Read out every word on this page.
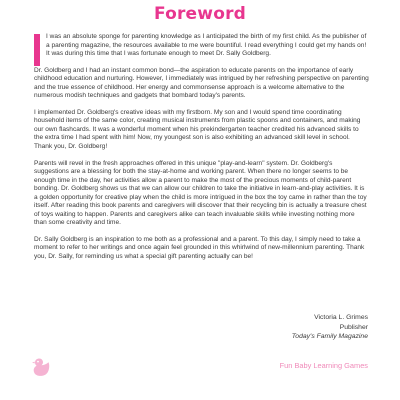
Foreword

I was an absolute sponge for parenting knowledge as I anticipated the birth of my first child. As the publisher of a parenting magazine, the resources available to me were bountiful. I read everything I could get my hands on! It was during this time that I was fortunate enough to meet Dr. Sally Goldberg.

Dr. Goldberg and I had an instant common bond—the aspiration to educate parents on the importance of early childhood education and nurturing. However, I immediately was intrigued by her refreshing perspective on parenting and the true essence of childhood. Her energy and commonsense approach is a welcome alternative to the numerous modish techniques and gadgets that bombard today's parents.

I implemented Dr. Goldberg's creative ideas with my firstborn. My son and I would spend time coordinating household items of the same color, creating musical instruments from plastic spoons and containers, and making our own flashcards. It was a wonderful moment when his prekindergarten teacher credited his advanced skills to the extra time I had spent with him! Now, my youngest son is also exhibiting an advanced skill level in school. Thank you, Dr. Goldberg!

Parents will revel in the fresh approaches offered in this unique "play-and-learn" system. Dr. Goldberg's suggestions are a blessing for both the stay-at-home and working parent. When there no longer seems to be enough time in the day, her activities allow a parent to make the most of the precious moments of child-parent bonding. Dr. Goldberg shows us that we can allow our children to take the initiative in learn-and-play activities. It is a golden opportunity for creative play when the child is more intrigued in the box the toy came in rather than the toy itself. After reading this book parents and caregivers will discover that their recycling bin is actually a treasure chest of toys waiting to happen. Parents and caregivers alike can teach invaluable skills while investing nothing more than some creativity and time.

Dr. Sally Goldberg is an inspiration to me both as a professional and a parent. To this day, I simply need to take a moment to refer to her writings and once again feel grounded in this whirlwind of new-millennium parenting. Thank you, Dr. Sally, for reminding us what a special gift parenting actually can be!

Victoria L. Grimes
Publisher
Today's Family Magazine
Fun Baby Learning Games
